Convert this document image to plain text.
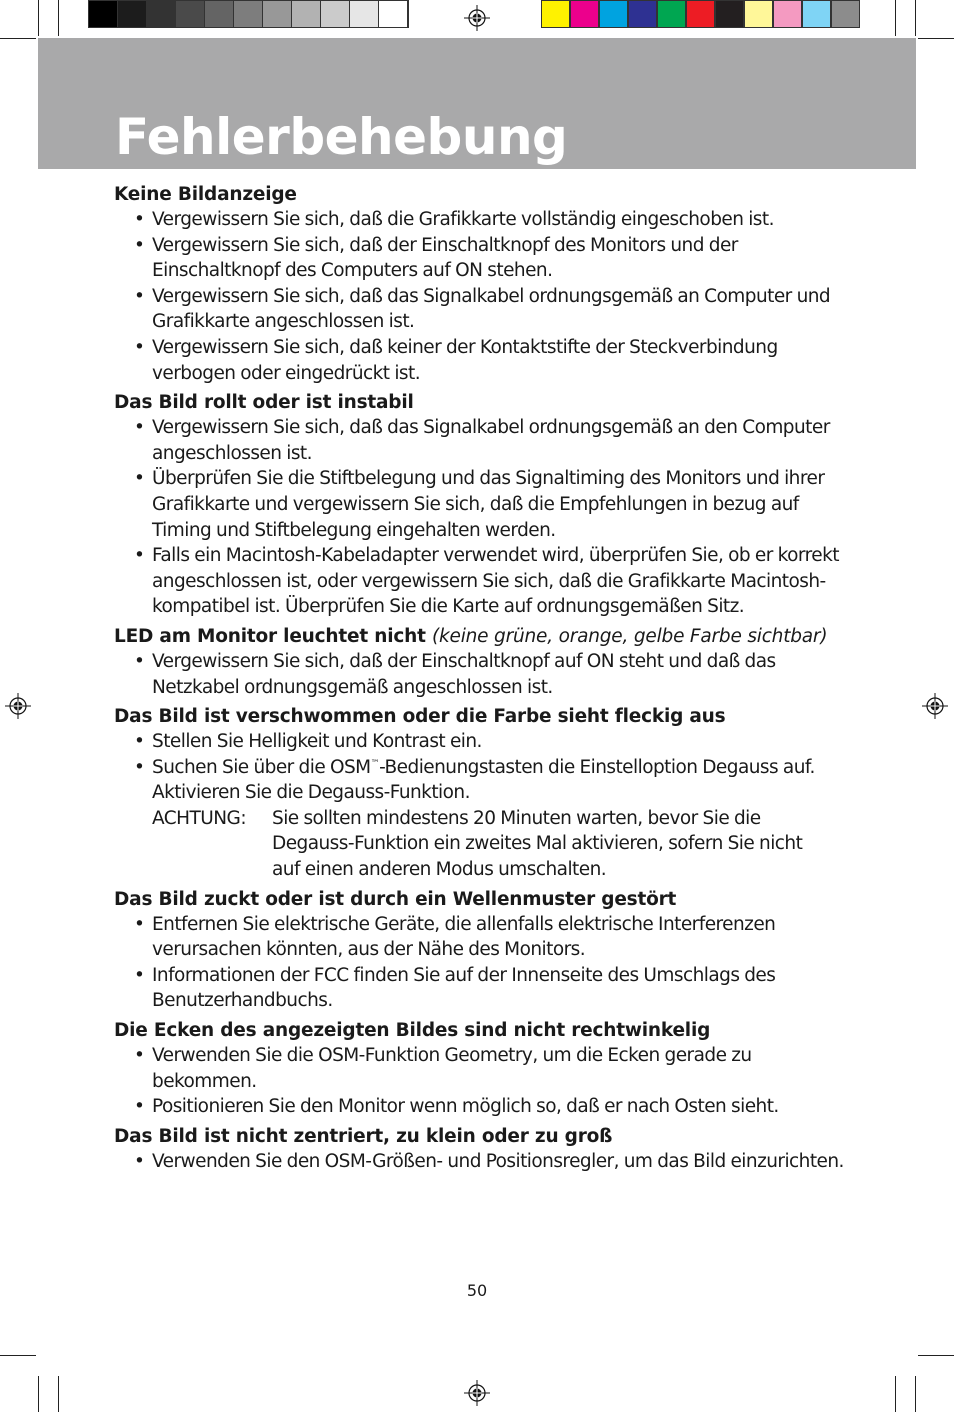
Fehlerbehebung

Keine Bildanzeige

• Vergewissern Sie sich, daß die Grafikkarte vollständig eingeschoben ist.
• Vergewissern Sie sich, daß der Einschaltknopf des Monitors und der Einschaltknopf des Computers auf ON stehen.
• Vergewissern Sie sich, daß das Signalkabel ordnungsgemäß an Computer und Grafikkarte angeschlossen ist.
• Vergewissern Sie sich, daß keiner der Kontaktstifte der Steckverbindung verbogen oder eingedrückt ist.

Das Bild rollt oder ist instabil

• Vergewissern Sie sich, daß das Signalkabel ordnungsgemäß an den Computer angeschlossen ist.
• Überprüfen Sie die Stiftbelegung und das Signaltiming des Monitors und ihrer Grafikkarte und vergewissern Sie sich, daß die Empfehlungen in bezug auf Timing und Stiftbelegung eingehalten werden.
• Falls ein Macintosh-Kabeladapter verwendet wird, überprüfen Sie, ob er korrekt angeschlossen ist, oder vergewissern Sie sich, daß die Grafikkarte Macintosh-kompatibel ist. Überprüfen Sie die Karte auf ordnungsgemäßen Sitz.

LED am Monitor leuchtet nicht (keine grüne, orange, gelbe Farbe sichtbar)

• Vergewissern Sie sich, daß der Einschaltknopf auf ON steht und daß das Netzkabel ordnungsgemäß angeschlossen ist.

Das Bild ist verschwommen oder die Farbe sieht fleckig aus

• Stellen Sie Helligkeit und Kontrast ein.
• Suchen Sie über die OSM™-Bedienungstasten die Einstelloption Degauss auf. Aktivieren Sie die Degauss-Funktion.
ACHTUNG:	Sie sollten mindestens 20 Minuten warten, bevor Sie die Degauss-Funktion ein zweites Mal aktivieren, sofern Sie nicht auf einen anderen Modus umschalten.

Das Bild zuckt oder ist durch ein Wellenmuster gestört

• Entfernen Sie elektrische Geräte, die allenfalls elektrische Interferenzen verursachen könnten, aus der Nähe des Monitors.
• Informationen der FCC finden Sie auf der Innenseite des Umschlags des Benutzerhandbuchs.

Die Ecken des angezeigten Bildes sind nicht rechtwinkelig

• Verwenden Sie die OSM-Funktion Geometry, um die Ecken gerade zu bekommen.
• Positionieren Sie den Monitor wenn möglich so, daß er nach Osten sieht.

Das Bild ist nicht zentriert, zu klein oder zu groß

• Verwenden Sie den OSM-Größen- und Positionsregler, um das Bild einzurichten.
50
